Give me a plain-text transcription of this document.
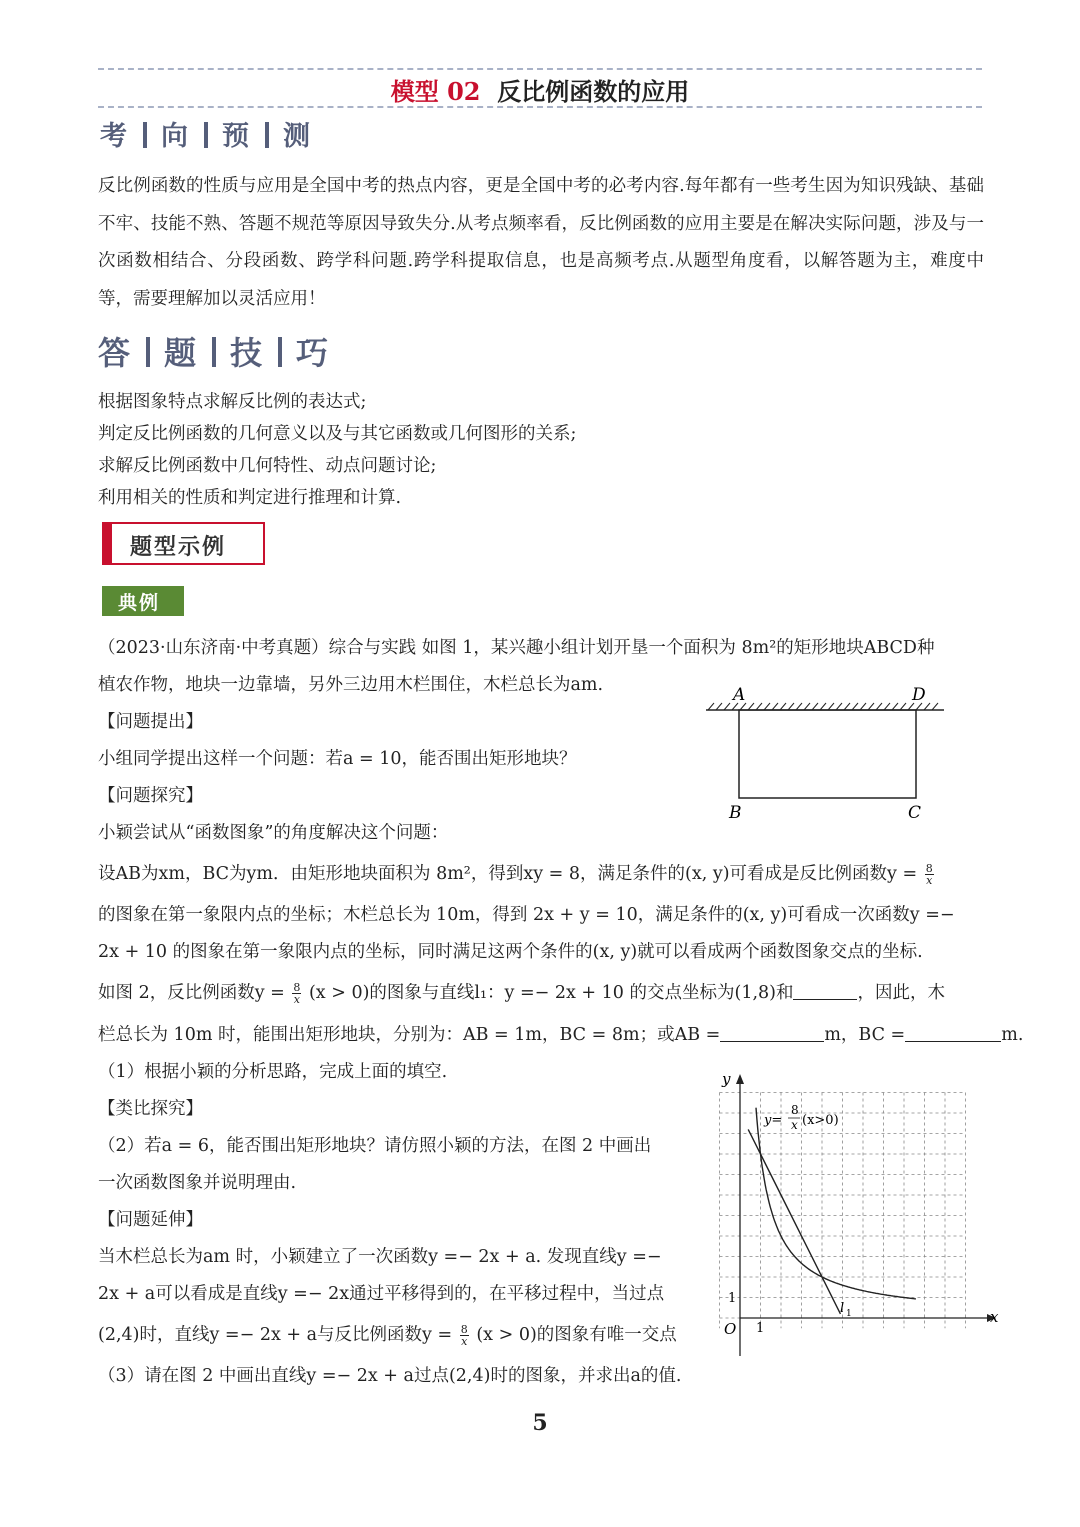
模型 02 反比例函数的应用
考 向 预 测
反比例函数的性质与应用是全国中考的热点内容，更是全国中考的必考内容.每年都有一些考生因为知识残缺、基础不牢、技能不熟、答题不规范等原因导致失分.从考点频率看，反比例函数的应用主要是在解决实际问题，涉及与一次函数相结合、分段函数、跨学科问题.跨学科提取信息，也是高频考点.从题型角度看，以解答题为主，难度中等，需要理解加以灵活应用！
答 题 技 巧
根据图象特点求解反比例的表达式;
判定反比例函数的几何意义以及与其它函数或几何图形的关系;
求解反比例函数中几何特性、动点问题讨论;
利用相关的性质和判定进行推理和计算.
题型示例
典例
（2023·山东济南·中考真题）综合与实践 如图 1，某兴趣小组计划开垦一个面积为 8m²的矩形地块ABCD种
植农作物，地块一边靠墙，另外三边用木栏围住，木栏总长为am.
【问题提出】
小组同学提出这样一个问题：若a = 10，能否围出矩形地块？
【问题探究】
小颖尝试从“函数图象”的角度解决这个问题：
设AB为xm，BC为ym．由矩形地块面积为 8m²，得到xy = 8，满足条件的(x, y)可看成是反比例函数$y = \frac{8}{x}$
的图象在第一象限内点的坐标；木栏总长为 10m，得到 2x + y = 10，满足条件的(x, y)可看成一次函数y =−
2x + 10 的图象在第一象限内点的坐标，同时满足这两个条件的(x, y)就可以看成两个函数图象交点的坐标.
如图 2，反比例函数$y = \frac{8}{x} (x > 0)$的图象与直线l₁：y =− 2x + 10 的交点坐标为(1,8)和	，因此，木
栏总长为 10m 时，能围出矩形地块，分别为：AB = 1m，BC = 8m；或AB =	m，BC =	m.
（1）根据小颖的分析思路，完成上面的填空.
【类比探究】
（2）若a = 6，能否围出矩形地块？请仿照小颖的方法，在图 2 中画出
一次函数图象并说明理由.
【问题延伸】
当木栏总长为am 时，小颖建立了一次函数y =− 2x + a. 发现直线y =−
2x + a可以看成是直线y =− 2x通过平移得到的，在平移过程中，当过点
(2,4)时，直线y =− 2x + a与反比例函数$y = \frac{8}{x} (x > 0)$的图象有唯一交点
（3）请在图 2 中画出直线y =− 2x + a过点(2,4)时的图象，并求出a的值.
A	D
B	C
y
x
O 1
1
y=
8
x (x>0)
l 1
5
